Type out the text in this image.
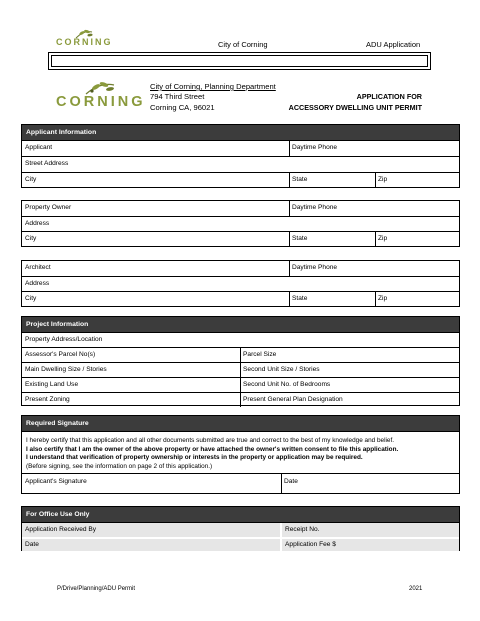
CORNING	City of Corning	ADU Application
CORNING
City of Corning, Planning Department
794 Third Street
Corning CA, 96021
APPLICATION FOR
ACCESSORY DWELLING UNIT PERMIT
Applicant Information
Applicant	Daytime Phone
Street Address
City	State	Zip
Property Owner	Daytime Phone
Address
City	State	Zip
Architect	Daytime Phone
Address
City	State	Zip
Project Information
Property Address/Location
Assessor's Parcel No(s)	Parcel Size
Main Dwelling Size / Stories	Second Unit Size / Stories
Existing Land Use	Second Unit No. of Bedrooms
Present Zoning	Present General Plan Designation
Required Signature
I hereby certify that this application and all other documents submitted are true and correct to the best of my knowledge and belief.
I also certify that I am the owner of the above property or have attached the owner's written consent to file this application.
I understand that verification of property ownership or interests in the property or application may be required.
(Before signing, see the information on page 2 of this application.)
Applicant's Signature	Date
For Office Use Only
Application Received By	Receipt No.
Date	Application Fee $
P/Drive/Planning/ADU Permit	2021
